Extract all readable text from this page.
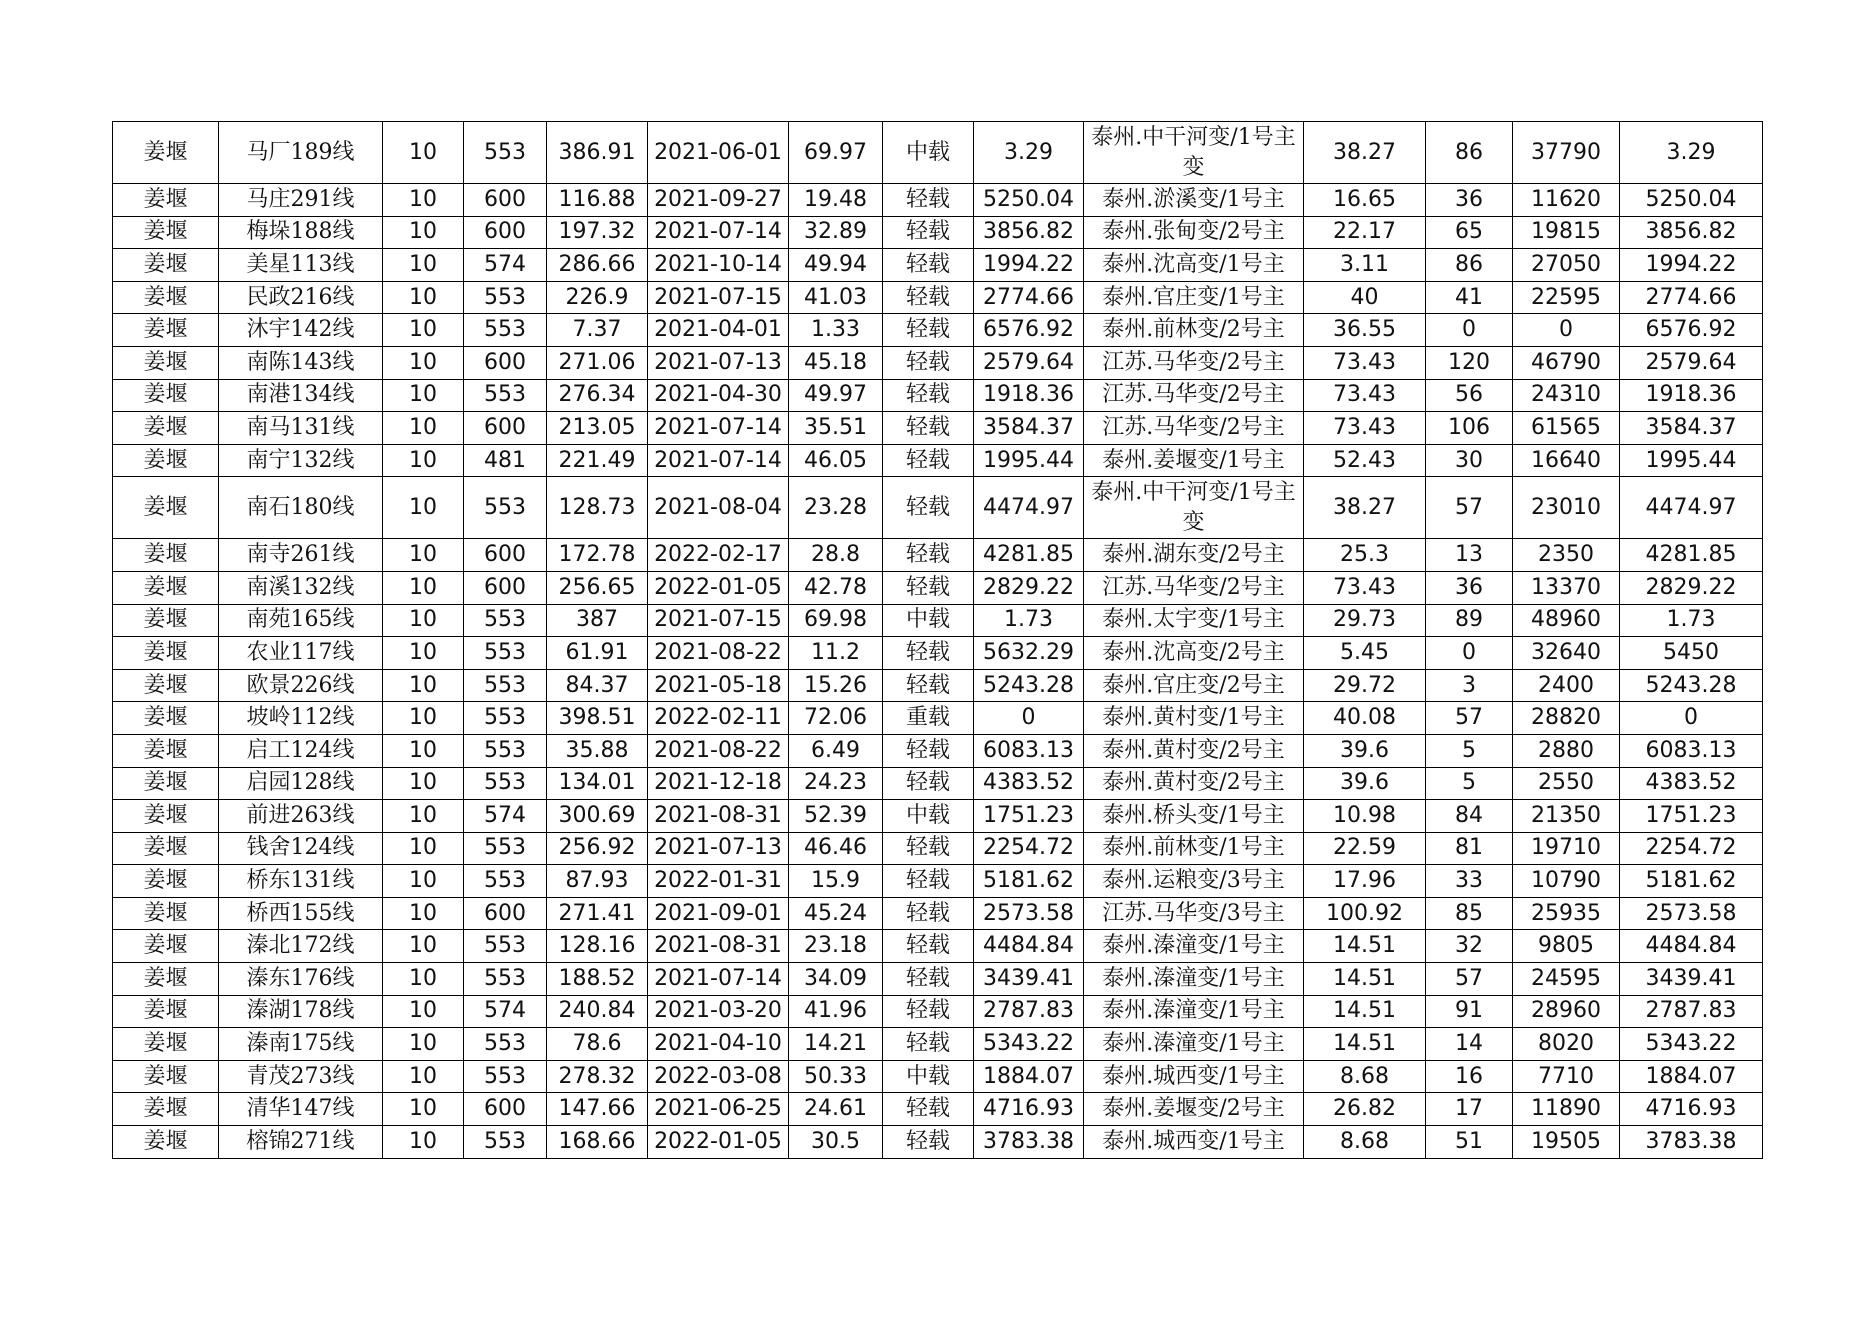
姜堰	马厂189线	10	553	386.91	2021-06-01	69.97	中载	3.29	泰州.中干河变/1号主变	38.27	86	37790	3.29
姜堰	马庄291线	10	600	116.88	2021-09-27	19.48	轻载	5250.04	泰州.淤溪变/1号主	16.65	36	11620	5250.04
姜堰	梅垛188线	10	600	197.32	2021-07-14	32.89	轻载	3856.82	泰州.张甸变/2号主	22.17	65	19815	3856.82
姜堰	美星113线	10	574	286.66	2021-10-14	49.94	轻载	1994.22	泰州.沈高变/1号主	3.11	86	27050	1994.22
姜堰	民政216线	10	553	226.9	2021-07-15	41.03	轻载	2774.66	泰州.官庄变/1号主	40	41	22595	2774.66
姜堰	沐宇142线	10	553	7.37	2021-04-01	1.33	轻载	6576.92	泰州.前林变/2号主	36.55	0	0	6576.92
姜堰	南陈143线	10	600	271.06	2021-07-13	45.18	轻载	2579.64	江苏.马华变/2号主	73.43	120	46790	2579.64
姜堰	南港134线	10	553	276.34	2021-04-30	49.97	轻载	1918.36	江苏.马华变/2号主	73.43	56	24310	1918.36
姜堰	南马131线	10	600	213.05	2021-07-14	35.51	轻载	3584.37	江苏.马华变/2号主	73.43	106	61565	3584.37
姜堰	南宁132线	10	481	221.49	2021-07-14	46.05	轻载	1995.44	泰州.姜堰变/1号主	52.43	30	16640	1995.44
姜堰	南石180线	10	553	128.73	2021-08-04	23.28	轻载	4474.97	泰州.中干河变/1号主变	38.27	57	23010	4474.97
姜堰	南寺261线	10	600	172.78	2022-02-17	28.8	轻载	4281.85	泰州.湖东变/2号主	25.3	13	2350	4281.85
姜堰	南溪132线	10	600	256.65	2022-01-05	42.78	轻载	2829.22	江苏.马华变/2号主	73.43	36	13370	2829.22
姜堰	南苑165线	10	553	387	2021-07-15	69.98	中载	1.73	泰州.太宇变/1号主	29.73	89	48960	1.73
姜堰	农业117线	10	553	61.91	2021-08-22	11.2	轻载	5632.29	泰州.沈高变/2号主	5.45	0	32640	5450
姜堰	欧景226线	10	553	84.37	2021-05-18	15.26	轻载	5243.28	泰州.官庄变/2号主	29.72	3	2400	5243.28
姜堰	坡岭112线	10	553	398.51	2022-02-11	72.06	重载	0	泰州.黄村变/1号主	40.08	57	28820	0
姜堰	启工124线	10	553	35.88	2021-08-22	6.49	轻载	6083.13	泰州.黄村变/2号主	39.6	5	2880	6083.13
姜堰	启园128线	10	553	134.01	2021-12-18	24.23	轻载	4383.52	泰州.黄村变/2号主	39.6	5	2550	4383.52
姜堰	前进263线	10	574	300.69	2021-08-31	52.39	中载	1751.23	泰州.桥头变/1号主	10.98	84	21350	1751.23
姜堰	钱舍124线	10	553	256.92	2021-07-13	46.46	轻载	2254.72	泰州.前林变/1号主	22.59	81	19710	2254.72
姜堰	桥东131线	10	553	87.93	2022-01-31	15.9	轻载	5181.62	泰州.运粮变/3号主	17.96	33	10790	5181.62
姜堰	桥西155线	10	600	271.41	2021-09-01	45.24	轻载	2573.58	江苏.马华变/3号主	100.92	85	25935	2573.58
姜堰	溱北172线	10	553	128.16	2021-08-31	23.18	轻载	4484.84	泰州.溱潼变/1号主	14.51	32	9805	4484.84
姜堰	溱东176线	10	553	188.52	2021-07-14	34.09	轻载	3439.41	泰州.溱潼变/1号主	14.51	57	24595	3439.41
姜堰	溱湖178线	10	574	240.84	2021-03-20	41.96	轻载	2787.83	泰州.溱潼变/1号主	14.51	91	28960	2787.83
姜堰	溱南175线	10	553	78.6	2021-04-10	14.21	轻载	5343.22	泰州.溱潼变/1号主	14.51	14	8020	5343.22
姜堰	青茂273线	10	553	278.32	2022-03-08	50.33	中载	1884.07	泰州.城西变/1号主	8.68	16	7710	1884.07
姜堰	清华147线	10	600	147.66	2021-06-25	24.61	轻载	4716.93	泰州.姜堰变/2号主	26.82	17	11890	4716.93
姜堰	榕锦271线	10	553	168.66	2022-01-05	30.5	轻载	3783.38	泰州.城西变/1号主	8.68	51	19505	3783.38
